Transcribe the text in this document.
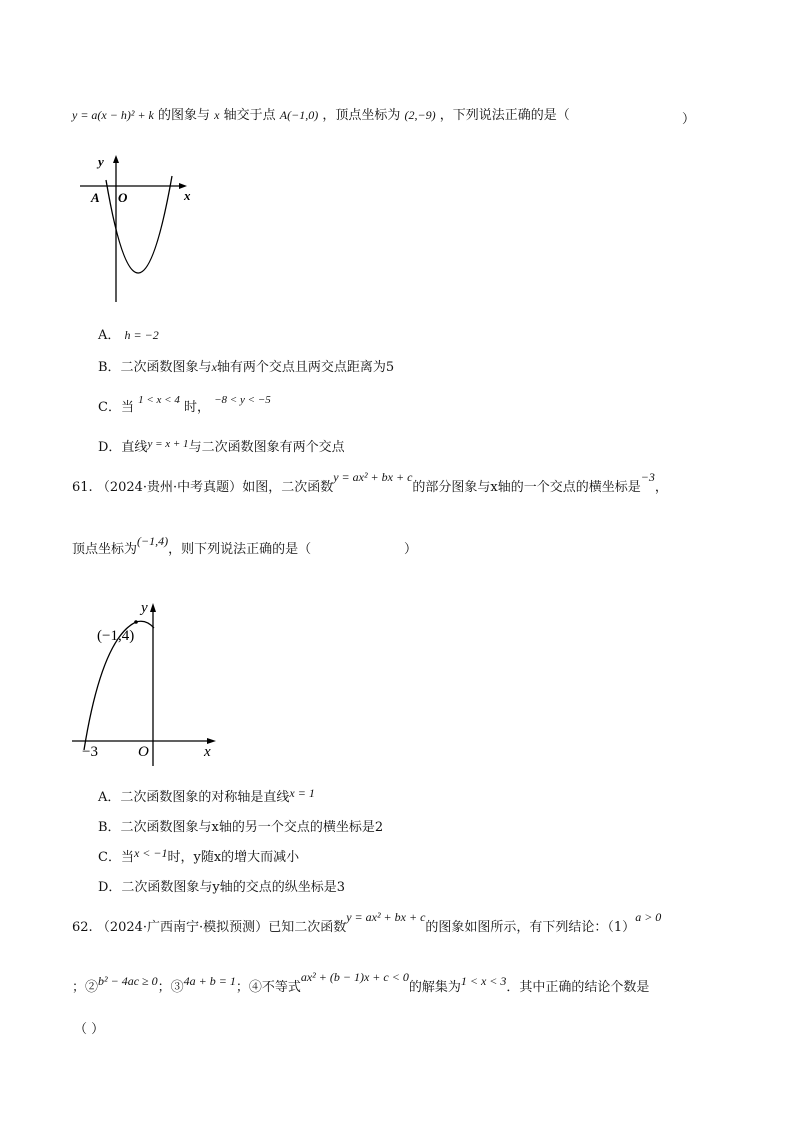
y = a(x − h)² + k 的图象与 x 轴交于点 A(−1,0) ，顶点坐标为 (2,−9) ，下列说法正确的是（	）
y
x
A O
A． h = −2
B．二次函数图象与x轴有两个交点且两交点距离为5
C．当 $^{1 < x < 4}$ 时， $^{-8 < y < -5}$
D．直线$^{y = x + 1}$与二次函数图象有两个交点
61. （2024·贵州·中考真题）如图，二次函数y = ax² + bx + c的部分图象与x轴的一个交点的横坐标是−3，
顶点坐标为(−1,4)，则下列说法正确的是（	）
(−1,4)
y
x
O
−3
A．二次函数图象的对称轴是直线x = 1
B．二次函数图象与x轴的另一个交点的横坐标是2
C．当x < −1时，y随x的增大而减小
D．二次函数图象与y轴的交点的纵坐标是3
62. （2024·广西南宁·模拟预测）已知二次函数y = ax² + bx + c的图象如图所示，有下列结论：（1）a > 0
；②b² − 4ac ≥ 0；③4a + b = 1；④不等式ax² + (b − 1)x + c < 0的解集为1 < x < 3．其中正确的结论个数是
（ ）
